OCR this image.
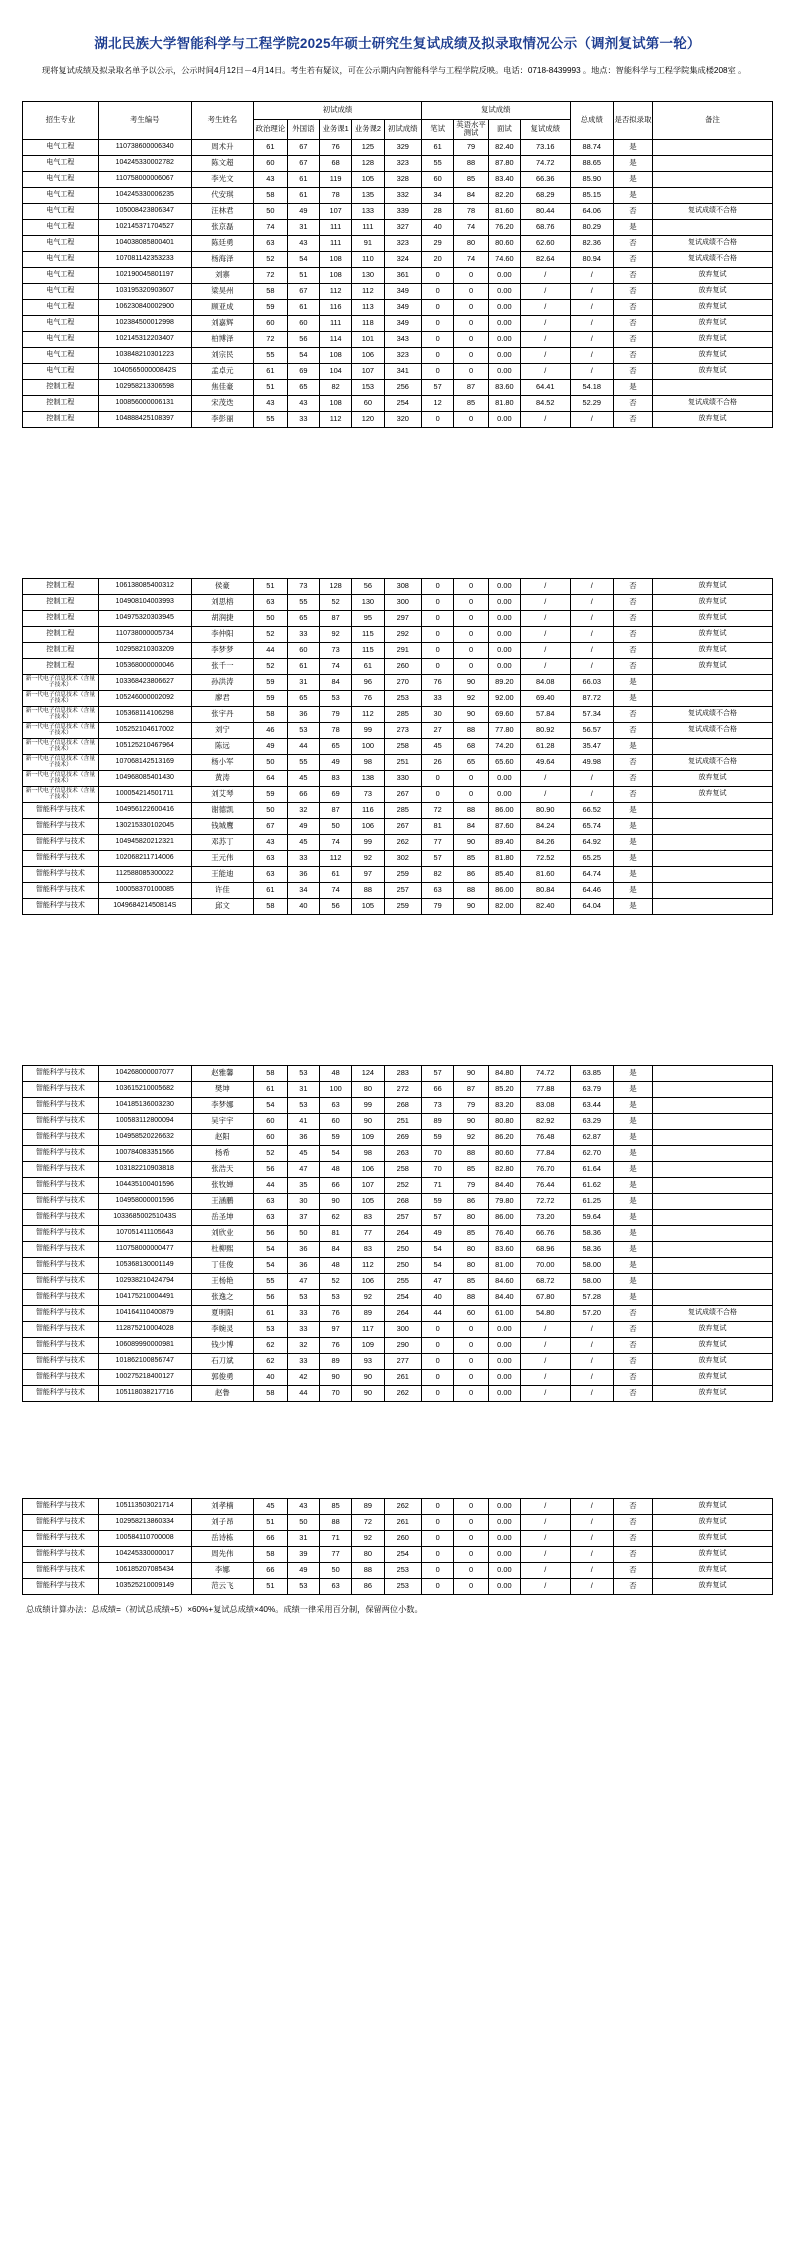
湖北民族大学智能科学与工程学院2025年硕士研究生复试成绩及拟录取情况公示（调剂复试第一轮）
现将复试成绩及拟录取名单予以公示，公示时间4月12日－4月14日。考生若有疑议，可在公示期内向智能科学与工程学院反映。电话：0718-8439993 。地点：智能科学与工程学院集成楼208室 。

招生专业	考生编号	考生姓名	初试成绩					复试成绩				总成绩	是否拟录取	备注
			政治理论	外国语	业务课1	业务课2	初试成绩	笔试	英语水平测试	面试	复试成绩			
电气工程	110738600006340	周术升	61	67	76	125	329	61	79	82.40	73.16	88.74	是	
电气工程	104245330002782	陈文超	60	67	68	128	323	55	88	87.80	74.72	88.65	是	
电气工程	110758000006067	李光文	43	61	119	105	328	60	85	83.40	66.36	85.90	是	
电气工程	104245330006235	代安琪	58	61	78	135	332	34	84	82.20	68.29	85.15	是	
电气工程	105008423806347	汪林君	50	49	107	133	339	28	78	81.60	80.44	64.06	否	复试成绩不合格
电气工程	102145371704527	张京磊	74	31	111	111	327	40	74	76.20	68.76	80.29	是	
电气工程	104038085800401	陈廷勇	63	43	111	91	323	29	80	80.60	62.60	82.36	否	复试成绩不合格
电气工程	107081142353233	杨海泽	52	54	108	110	324	20	74	74.60	82.64	80.94	否	复试成绩不合格
电气工程	102190045801197	刘寨	72	51	108	130	361	0	0	0.00	/	/	否	放弃复试
电气工程	103195320903607	梁昊州	58	67	112	112	349	0	0	0.00	/	/	否	放弃复试
电气工程	106230840002900	顾亚成	59	61	116	113	349	0	0	0.00	/	/	否	放弃复试
电气工程	102384500012998	刘嘉辉	60	60	111	118	349	0	0	0.00	/	/	否	放弃复试
电气工程	102145312203407	柏博泽	72	56	114	101	343	0	0	0.00	/	/	否	放弃复试
电气工程	103848210301223	刘宗民	55	54	108	106	323	0	0	0.00	/	/	否	放弃复试
电气工程	104056500000842S	孟卓元	61	69	104	107	341	0	0	0.00	/	/	否	放弃复试
控制工程	102958213306598	焦佳豪	51	65	82	153	256	57	87	83.60	64.41	54.18	是	
控制工程	100856000006131	宋茂迭	43	43	108	60	254	12	85	81.80	84.52	52.29	否	复试成绩不合格
控制工程	104888425108397	李彭丽	55	33	112	120	320	0	0	0.00	/	/	否	放弃复试
控制工程	106138085400312	侯豪	51	73	128	56	308	0	0	0.00	/	/	否	放弃复试
控制工程	104908104003993	刘思榕	63	55	52	130	300	0	0	0.00	/	/	否	放弃复试
控制工程	104975320303945	胡润捷	50	65	87	95	297	0	0	0.00	/	/	否	放弃复试
控制工程	110738000005734	李仲阳	52	33	92	115	292	0	0	0.00	/	/	否	放弃复试
控制工程	102958210303209	李梦梦	44	60	73	115	291	0	0	0.00	/	/	否	放弃复试
控制工程	105368000000046	张千一	52	61	74	61	260	0	0	0.00	/	/	否	放弃复试
新一代电子信息技术（含量子技术）	103368423806627	孙洪涛	59	31	84	96	270	76	90	89.20	84.08	66.03	是	
新一代电子信息技术（含量子技术）	105246000002092	廖君	59	65	53	76	253	33	92	92.00	69.40	87.72	是	
新一代电子信息技术（含量子技术）	105368114106298	张宇丹	58	36	79	112	285	30	90	69.60	57.84	57.34	否	复试成绩不合格
新一代电子信息技术（含量子技术）	105252104617002	刘宁	46	53	78	99	273	27	88	77.80	80.92	56.57	否	复试成绩不合格
新一代电子信息技术（含量子技术）	105125210467964	陈远	49	44	65	100	258	45	68	74.20	61.28	35.47	是	
新一代电子信息技术（含量子技术）	107068142513169	杨小军	50	55	49	98	251	26	65	65.60	49.64	49.98	否	复试成绩不合格
新一代电子信息技术（含量子技术）	104968085401430	黄涛	64	45	83	138	330	0	0	0.00	/	/	否	放弃复试
新一代电子信息技术（含量子技术）	100054214501711	刘艾琴	59	66	69	73	267	0	0	0.00	/	/	否	放弃复试
智能科学与技术	104956122600416	谢德凯	50	32	87	116	285	72	88	86.00	80.90	66.52	是	
智能科学与技术	130215330102045	钱城鹰	67	49	50	106	267	81	84	87.60	84.24	65.74	是	
智能科学与技术	104945820212321	邓苏丁	43	45	74	99	262	77	90	89.40	84.26	64.92	是	
智能科学与技术	102068211714006	王元伟	63	33	112	92	302	57	85	81.80	72.52	65.25	是	
智能科学与技术	112588085300022	王能迪	63	36	61	97	259	82	86	85.40	81.60	64.74	是	
智能科学与技术	100058370100085	许佳	61	34	74	88	257	63	88	86.00	80.84	64.46	是	
智能科学与技术	104968421450814S	邱文	58	40	56	105	259	79	90	82.00	82.40	64.04	是	
智能科学与技术	104268000007077	赵雅馨	58	53	48	124	283	57	90	84.80	74.72	63.85	是	
智能科学与技术	103615210005682	樊坤	61	31	100	80	272	66	87	85.20	77.88	63.79	是	
智能科学与技术	104185136003230	李梦娜	54	53	63	99	268	73	79	83.20	83.08	63.44	是	
智能科学与技术	100583112800094	吴宇宇	60	41	60	90	251	89	90	80.80	82.92	63.29	是	
智能科学与技术	104958520226632	赵阳	60	36	59	109	269	59	92	86.20	76.48	62.87	是	
智能科学与技术	100784083351566	杨希	52	45	54	98	263	70	88	80.60	77.84	62.70	是	
智能科学与技术	103182210903818	张浩天	56	47	48	106	258	70	85	82.80	76.70	61.64	是	
智能科学与技术	104435100401596	张牧婵	44	35	66	107	252	71	79	84.40	76.44	61.62	是	
智能科学与技术	104958000001596	王涵鹏	63	30	90	105	268	59	86	79.80	72.72	61.25	是	
智能科学与技术	103368500251043S	岳圣坤	63	37	62	83	257	57	80	86.00	73.20	59.64	是	
智能科学与技术	107051411105643	刘欣业	56	50	81	77	264	49	85	76.40	66.76	58.36	是	
智能科学与技术	110758000000477	杜柳熙	54	36	84	83	250	54	80	83.60	68.96	58.36	是	
智能科学与技术	105368130001149	丁佳俊	54	36	48	112	250	54	80	81.00	70.00	58.00	是	
智能科学与技术	102938210424794	王杨艳	55	47	52	106	255	47	85	84.60	68.72	58.00	是	
智能科学与技术	104175210004491	张逸之	56	53	53	92	254	40	88	84.40	67.80	57.28	是	
智能科学与技术	104164110400879	夏明阳	61	33	76	89	264	44	60	61.00	54.80	57.20	否	复试成绩不合格
智能科学与技术	112875210004028	李婉灵	53	33	97	117	300	0	0	0.00	/	/	否	放弃复试
智能科学与技术	106089990000981	钱少博	62	32	76	109	290	0	0	0.00	/	/	否	放弃复试
智能科学与技术	101862100856747	石刀斌	62	33	89	93	277	0	0	0.00	/	/	否	放弃复试
智能科学与技术	100275218400127	郭俊勇	40	42	90	90	261	0	0	0.00	/	/	否	放弃复试
智能科学与技术	105118038217716	赵鲁	58	44	70	90	262	0	0	0.00	/	/	否	放弃复试
智能科学与技术	105113503021714	刘孝楠	45	43	85	89	262	0	0	0.00	/	/	否	放弃复试
智能科学与技术	102958213860334	刘子昂	51	50	88	72	261	0	0	0.00	/	/	否	放弃复试
智能科学与技术	100584110700008	岳诗栋	66	31	71	92	260	0	0	0.00	/	/	否	放弃复试
智能科学与技术	104245330000017	周先伟	58	39	77	80	254	0	0	0.00	/	/	否	放弃复试
智能科学与技术	106185207085434	李娜	66	49	50	88	253	0	0	0.00	/	/	否	放弃复试
智能科学与技术	103525210009149	范云飞	51	53	63	86	253	0	0	0.00	/	/	否	放弃复试
总成绩计算办法：总成绩=（初试总成绩÷5）×60%+复试总成绩×40%。成绩一律采用百分制，保留两位小数。
